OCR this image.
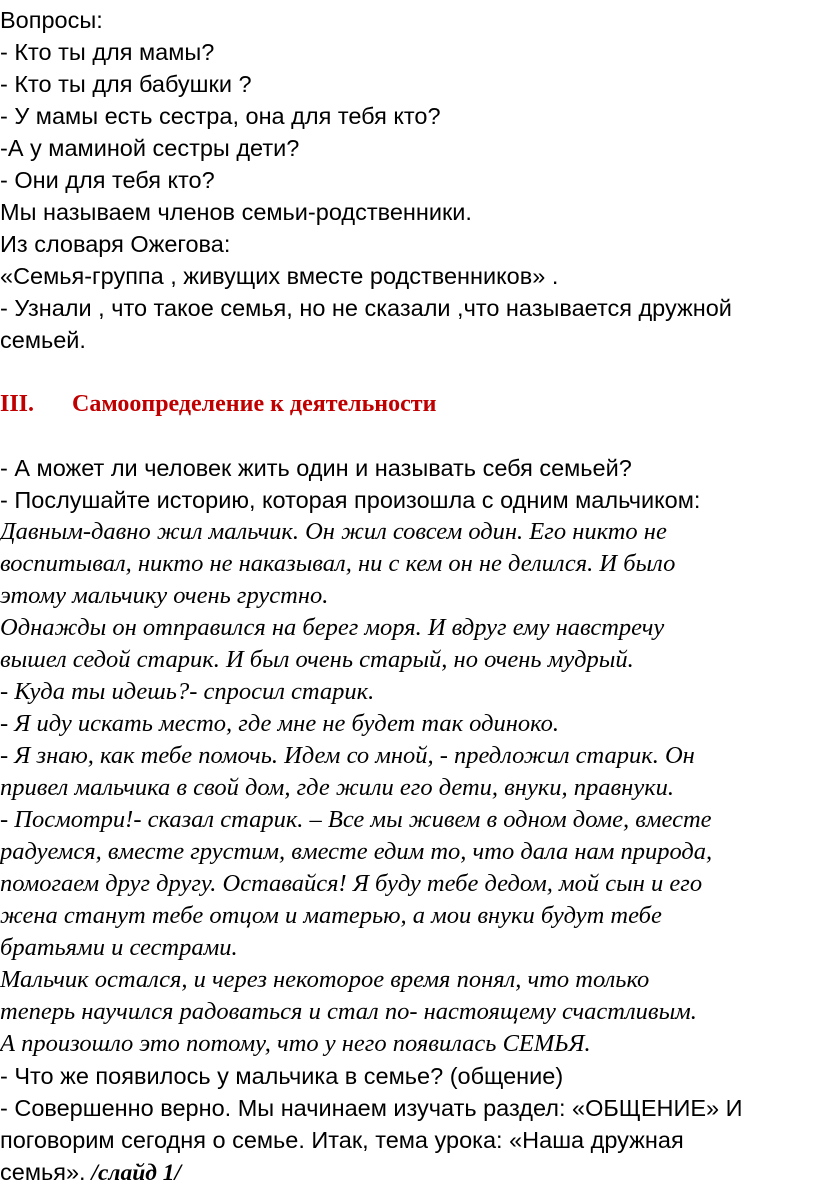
Вопросы:
- Кто ты для мамы?
- Кто ты для бабушки ?
- У мамы есть сестра, она для тебя кто?
-А у маминой сестры дети?
- Они для тебя кто?
Мы называем членов семьи-родственники.
Из словаря Ожегова:
«Семья-группа , живущих вместе родственников» .
- Узнали , что такое семья, но не сказали ,что называется дружной
семьей.
III. Самоопределение к деятельности
- А может ли человек жить один и называть себя семьей?
- Послушайте историю, которая произошла с одним мальчиком:
Давным-давно жил мальчик. Он жил совсем один. Его никто не
воспитывал, никто не наказывал, ни с кем он не делился. И было
этому мальчику очень грустно.
Однажды он отправился на берег моря. И вдруг ему навстречу
вышел седой старик. И был очень старый, но очень мудрый.
- Куда ты идешь?- спросил старик.
- Я иду искать место, где мне не будет так одиноко.
- Я знаю, как тебе помочь. Идем со мной, - предложил старик. Он
привел мальчика в свой дом, где жили его дети, внуки, правнуки.
- Посмотри!- сказал старик. – Все мы живем в одном доме, вместе
радуемся, вместе грустим, вместе едим то, что дала нам природа,
помогаем друг другу. Оставайся! Я буду тебе дедом, мой сын и его
жена станут тебе отцом и матерью, а мои внуки будут тебе
братьями и сестрами.
Мальчик остался, и через некоторое время понял, что только
теперь научился радоваться и стал по- настоящему счастливым.
А произошло это потому, что у него появилась СЕМЬЯ.
- Что же появилось у мальчика в семье? (общение)
- Совершенно верно. Мы начинаем изучать раздел: «ОБЩЕНИЕ» И
поговорим сегодня о семье. Итак, тема урока: «Наша дружная
семья». /слайд 1/
